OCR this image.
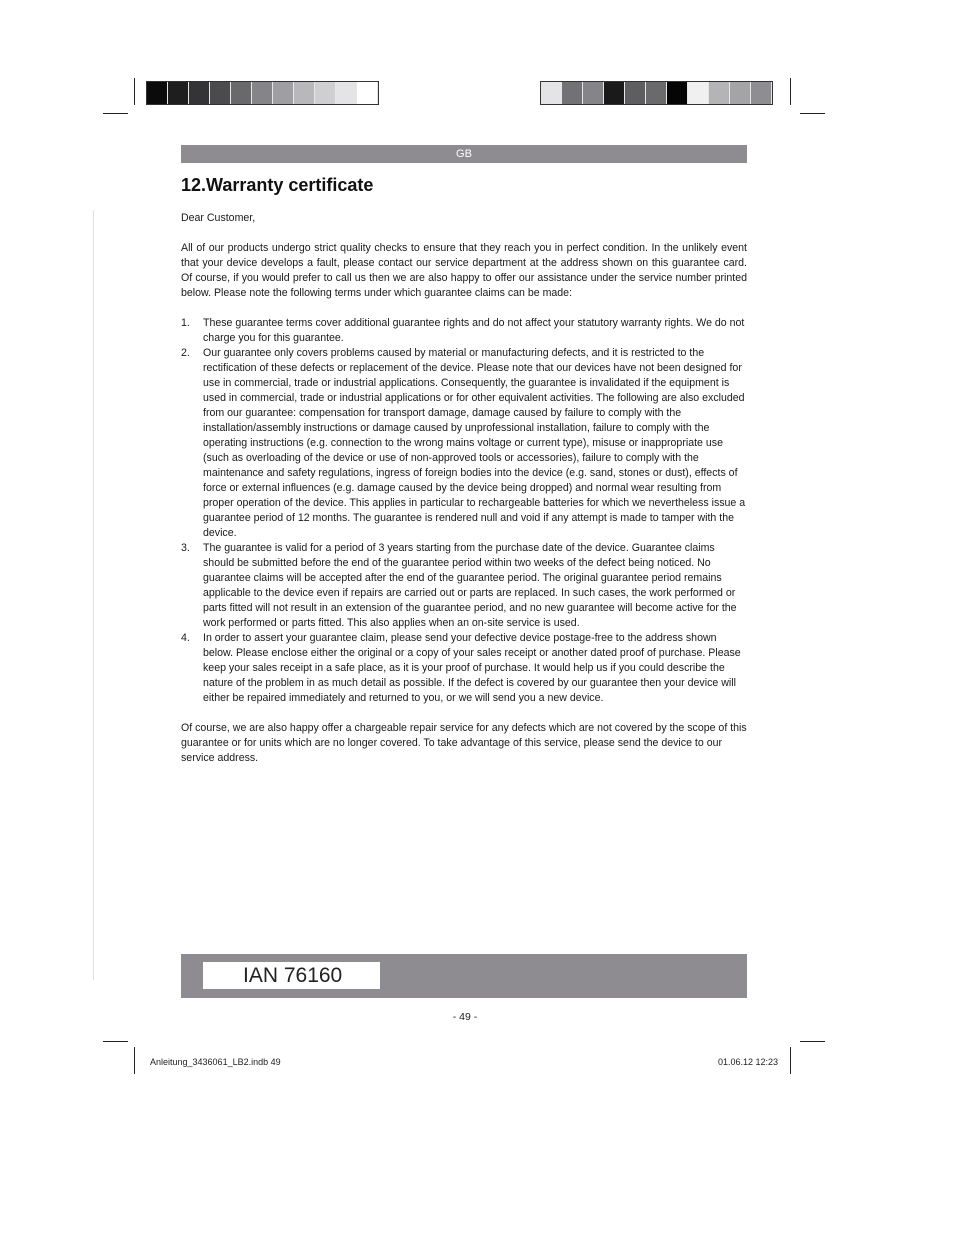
GB
12.Warranty certificate

Dear Customer,

All of our products undergo strict quality checks to ensure that they reach you in perfect condition. In the unlikely event that your device develops a fault, please contact our service department at the address shown on this guarantee card. Of course, if you would prefer to call us then we are also happy to offer our assistance under the service number printed below. Please note the following terms under which guarantee claims can be made:

1. These guarantee terms cover additional guarantee rights and do not affect your statutory warranty rights. We do not charge you for this guarantee.
2. Our guarantee only covers problems caused by material or manufacturing defects, and it is restricted to the rectification of these defects or replacement of the device. Please note that our devices have not been designed for use in commercial, trade or industrial applications. Consequently, the guarantee is invalidated if the equipment is used in commercial, trade or industrial applications or for other equivalent activities. The following are also excluded from our guarantee: compensation for transport damage, damage caused by failure to comply with the installation/assembly instructions or damage caused by unprofessional installation, failure to comply with the operating instructions (e.g. connection to the wrong mains voltage or current type), misuse or inappropriate use (such as overloading of the device or use of non-approved tools or accessories), failure to comply with the maintenance and safety regulations, ingress of foreign bodies into the device (e.g. sand, stones or dust), effects of force or external influences (e.g. damage caused by the device being dropped) and normal wear resulting from proper operation of the device. This applies in particular to rechargeable batteries for which we nevertheless issue a guarantee period of 12 months. The guarantee is rendered null and void if any attempt is made to tamper with the device.
3. The guarantee is valid for a period of 3 years starting from the purchase date of the device. Guarantee claims should be submitted before the end of the guarantee period within two weeks of the defect being noticed. No guarantee claims will be accepted after the end of the guarantee period. The original guarantee period remains applicable to the device even if repairs are carried out or parts are replaced. In such cases, the work performed or parts fitted will not result in an extension of the guarantee period, and no new guarantee will become active for the work performed or parts fitted. This also applies when an on-site service is used.
4. In order to assert your guarantee claim, please send your defective device postage-free to the address shown below. Please enclose either the original or a copy of your sales receipt or another dated proof of purchase. Please keep your sales receipt in a safe place, as it is your proof of purchase. It would help us if you could describe the nature of the problem in as much detail as possible. If the defect is covered by our guarantee then your device will either be repaired immediately and returned to you, or we will send you a new device.

Of course, we are also happy offer a chargeable repair service for any defects which are not covered by the scope of this guarantee or for units which are no longer covered. To take advantage of this service, please send the device to our service address.

IAN 76160
- 49 -
Anleitung_3436061_LB2.indb 49	01.06.12 12:23
